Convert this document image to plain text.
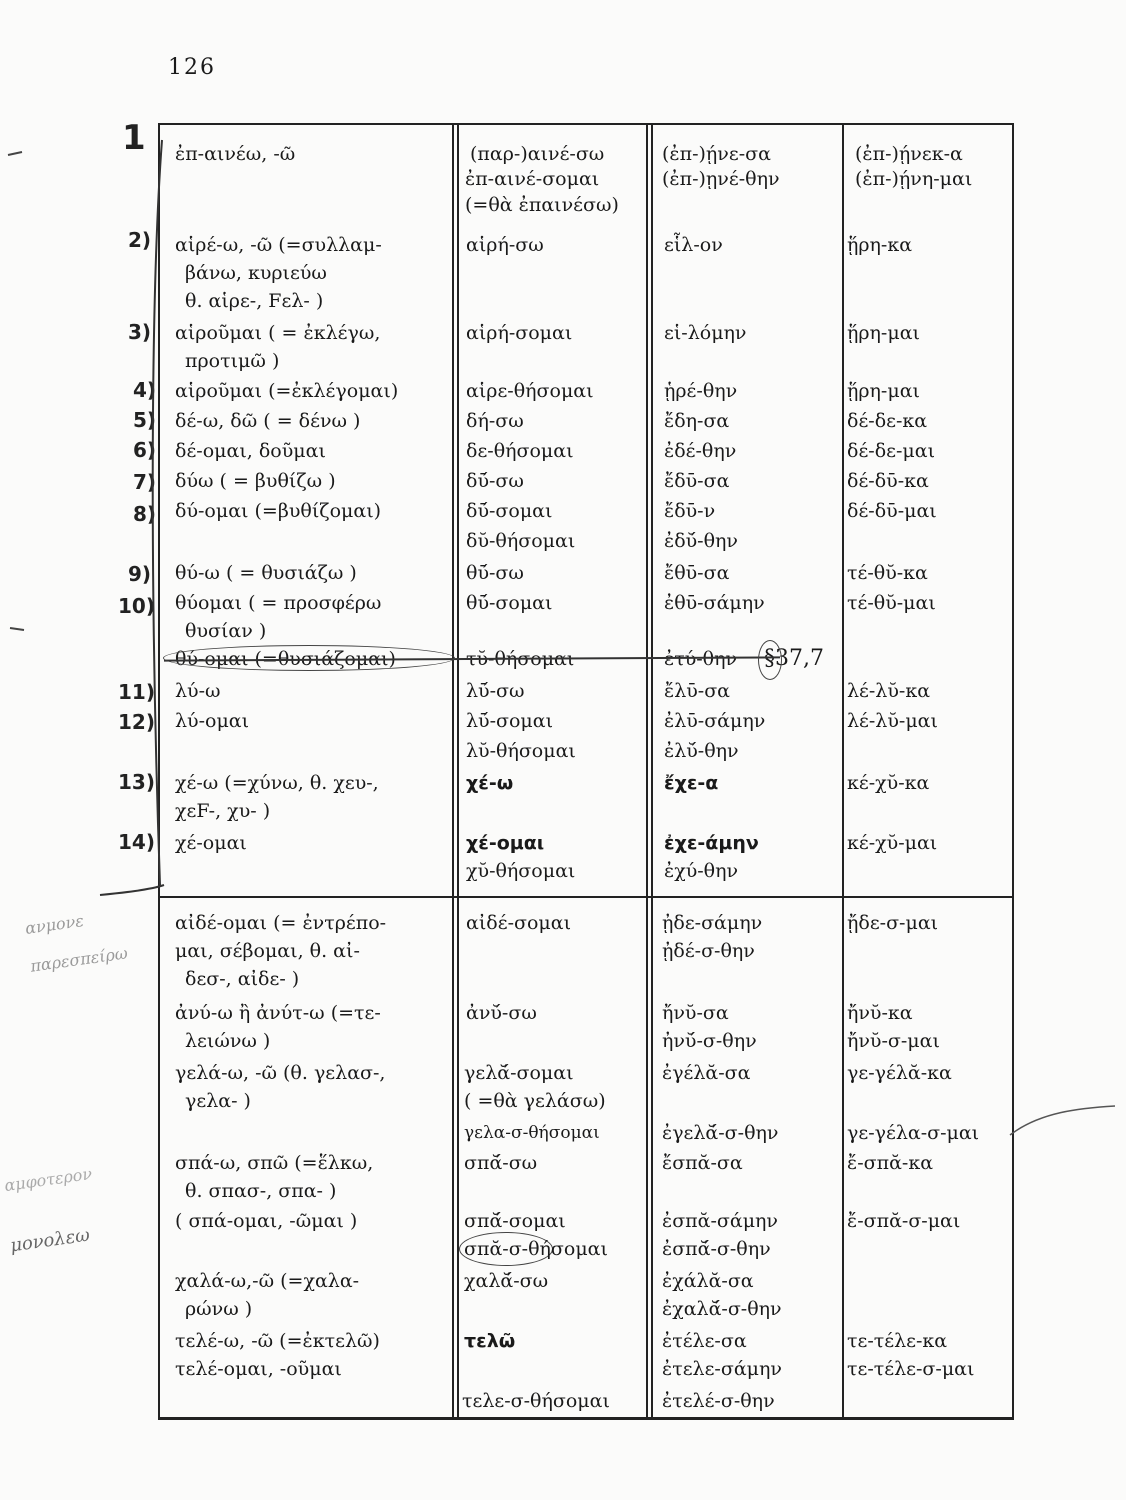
126
1
2)
3)
4)
5)
6)
7)
8)
9)
10)
11)
12)
13)
14)
ανμονε
παρεσπείρω
μονολεω
αμφοτερον
ἐπ-αινέω, -ῶ
αἱρέ-ω, -ῶ (=συλλαμ-
βάνω, κυριεύω
θ. αἱρε-, Fελ- )
αἱροῦμαι ( = ἐκλέγω,
προτιμῶ )
αἱροῦμαι (=ἐκλέγομαι)
δέ-ω, δῶ ( = δένω )
δέ-ομαι, δοῦμαι
δύω ( = βυθίζω )
δύ-ομαι (=βυθίζομαι)
θύ-ω ( = θυσιάζω )
θύομαι ( = προσφέρω
θυσίαν )
θύ-ομαι (=θυσιάζομαι)
λύ-ω
λύ-ομαι
χέ-ω (=χύνω, θ. χευ-,
χεF-, χυ- )
χέ-ομαι
(παρ-)αινέ-σω
ἐπ-αινέ-σομαι
(=θὰ ἐπαινέσω)
αἱρή-σω
αἱρή-σομαι
αἱρε-θήσομαι
δή-σω
δε-θήσομαι
δῡ́-σω
δῡ́-σομαι
δῠ-θήσομαι
θῡ́-σω
θῡ́-σομαι
τῠ-θήσομαι
λῡ́-σω
λῡ́-σομαι
λῠ-θήσομαι
χέ-ω
χέ-ομαι
χῠ-θήσομαι
(ἐπ-)ῄνε-σα
(ἐπ-)ῃνέ-θην
εἷλ-ον
εἱ-λόμην
ᾑρέ-θην
ἔδη-σα
ἐδέ-θην
ἔδῡ-σα
ἔδῡ-ν
ἐδῠ́-θην
ἔθῡ-σα
ἐθῡ-σάμην
ἐτύ-θην §37,7
ἔλῡ-σα
ἐλῡ-σάμην
ἐλῠ́-θην
ἔχε-α
ἐχε-άμην
ἐχύ-θην
(ἐπ-)ῄνεκ-α
(ἐπ-)ῄνη-μαι
ᾕρη-κα
ᾕρη-μαι
ᾕρη-μαι
δέ-δε-κα
δέ-δε-μαι
δέ-δῡ-κα
δέ-δῡ-μαι
τέ-θῠ-κα
τέ-θῠ-μαι
λέ-λῠ-κα
λέ-λῠ-μαι
κέ-χῠ-κα
κέ-χῠ-μαι
αἰδέ-ομαι (= ἐντρέπο-
μαι, σέβομαι, θ. αἰ-
δεσ-, αἰδε- )
ἀνύ-ω ἢ ἀνύτ-ω (=τε-
λειώνω )
γελά-ω, -ῶ (θ. γελασ-,
γελα- )
σπά-ω, σπῶ (=ἕλκω,
θ. σπασ-, σπα- )
( σπά-ομαι, -ῶμαι )
χαλά-ω,-ῶ (=χαλα-
ρώνω )
τελέ-ω, -ῶ (=ἐκτελῶ)
τελέ-ομαι, -οῦμαι
αἰδέ-σομαι
ἀνῠ́-σω
γελᾰ́-σομαι
( =θὰ γελάσω)
γελα-σ-θήσομαι
σπᾰ́-σω
σπᾰ́-σομαι
σπᾰ-σ-θήσομαι
χαλᾰ́-σω
τελῶ
τελε-σ-θήσομαι
ᾐδε-σάμην
ᾐδέ-σ-θην
ἤνῠ-σα
ἠνῠ́-σ-θην
ἐγέλᾰ-σα
ἐγελᾰ́-σ-θην
ἔσπᾰ-σα
ἐσπᾰ-σάμην
ἐσπᾰ́-σ-θην
ἐχάλᾰ-σα
ἐχαλᾰ́-σ-θην
ἐτέλε-σα
ἐτελε-σάμην
ἐτελέ-σ-θην
ᾔδε-σ-μαι
ἤνῠ-κα
ἤνῠ-σ-μαι
γε-γέλᾰ-κα
γε-γέλα-σ-μαι
ἔ-σπᾰ-κα
ἔ-σπᾰ-σ-μαι
τε-τέλε-κα
τε-τέλε-σ-μαι
